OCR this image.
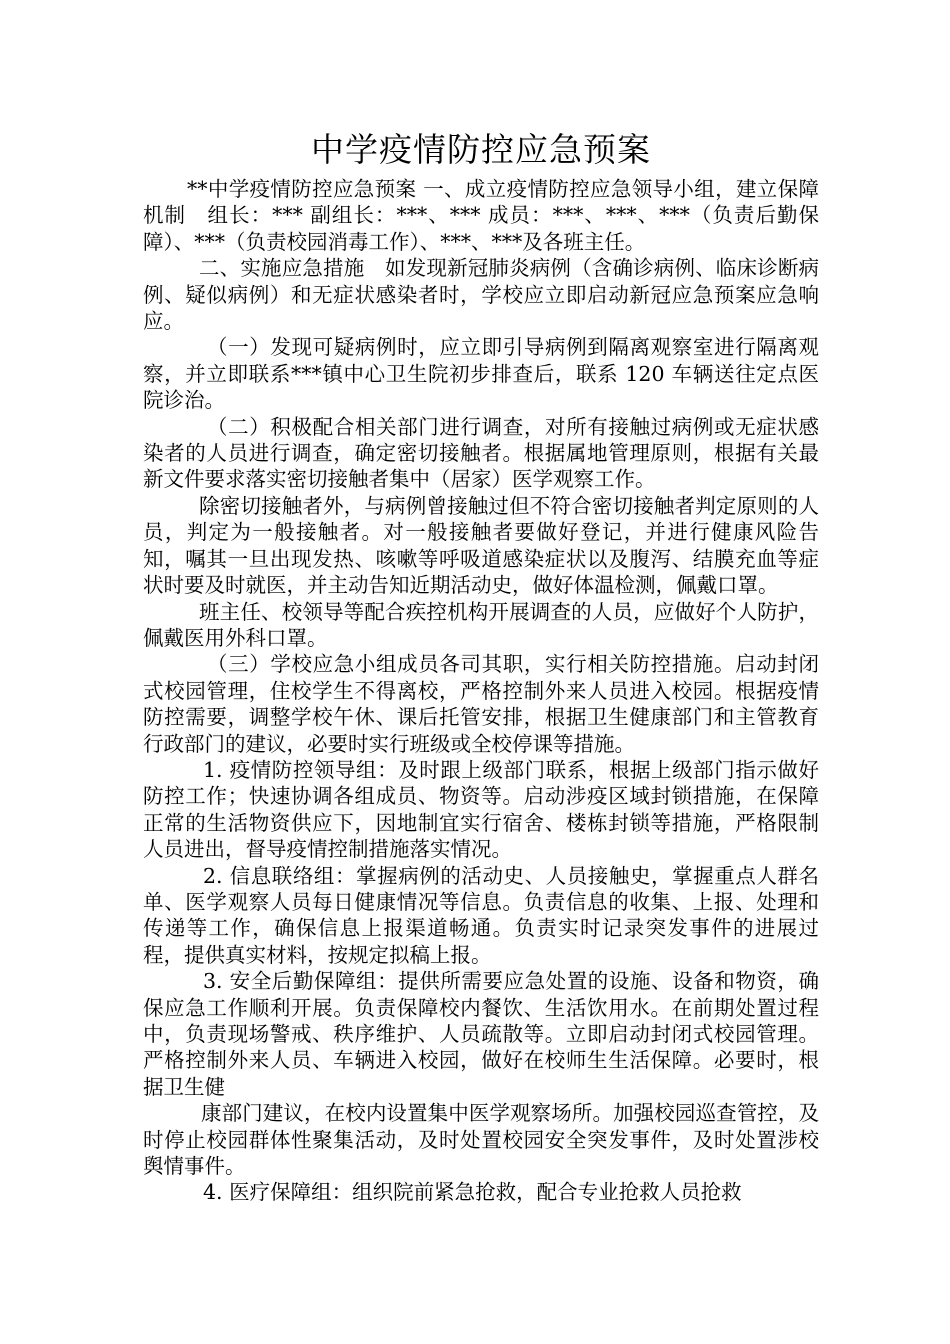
中学疫情防控应急预案

**中学疫情防控应急预案 一、成立疫情防控应急领导小组，建立保障机制　组长：*** 副组长：***、*** 成员：***、***、***（负责后勤保障）、***（负责校园消毒工作）、***、***及各班主任。

二、实施应急措施　如发现新冠肺炎病例（含确诊病例、临床诊断病例、疑似病例）和无症状感染者时，学校应立即启动新冠应急预案应急响应。

（一）发现可疑病例时，应立即引导病例到隔离观察室进行隔离观察，并立即联系***镇中心卫生院初步排查后，联系 120 车辆送往定点医院诊治。

（二）积极配合相关部门进行调查，对所有接触过病例或无症状感染者的人员进行调查，确定密切接触者。根据属地管理原则，根据有关最新文件要求落实密切接触者集中（居家）医学观察工作。

除密切接触者外，与病例曾接触过但不符合密切接触者判定原则的人员，判定为一般接触者。对一般接触者要做好登记，并进行健康风险告知，嘱其一旦出现发热、咳嗽等呼吸道感染症状以及腹泻、结膜充血等症状时要及时就医，并主动告知近期活动史，做好体温检测，佩戴口罩。

班主任、校领导等配合疾控机构开展调查的人员，应做好个人防护，佩戴医用外科口罩。

（三）学校应急小组成员各司其职，实行相关防控措施。启动封闭式校园管理，住校学生不得离校，严格控制外来人员进入校园。根据疫情防控需要，调整学校午休、课后托管安排，根据卫生健康部门和主管教育行政部门的建议，必要时实行班级或全校停课等措施。

1. 疫情防控领导组：及时跟上级部门联系，根据上级部门指示做好防控工作；快速协调各组成员、物资等。启动涉疫区域封锁措施，在保障正常的生活物资供应下，因地制宜实行宿舍、楼栋封锁等措施，严格限制人员进出，督导疫情控制措施落实情况。

2. 信息联络组：掌握病例的活动史、人员接触史，掌握重点人群名单、医学观察人员每日健康情况等信息。负责信息的收集、上报、处理和传递等工作，确保信息上报渠道畅通。负责实时记录突发事件的进展过程，提供真实材料，按规定拟稿上报。

3. 安全后勤保障组：提供所需要应急处置的设施、设备和物资，确保应急工作顺利开展。负责保障校内餐饮、生活饮用水。在前期处置过程中，负责现场警戒、秩序维护、人员疏散等。立即启动封闭式校园管理。严格控制外来人员、车辆进入校园，做好在校师生生活保障。必要时，根据卫生健

康部门建议，在校内设置集中医学观察场所。加强校园巡查管控，及时停止校园群体性聚集活动，及时处置校园安全突发事件，及时处置涉校舆情事件。

4. 医疗保障组：组织院前紧急抢救，配合专业抢救人员抢救
